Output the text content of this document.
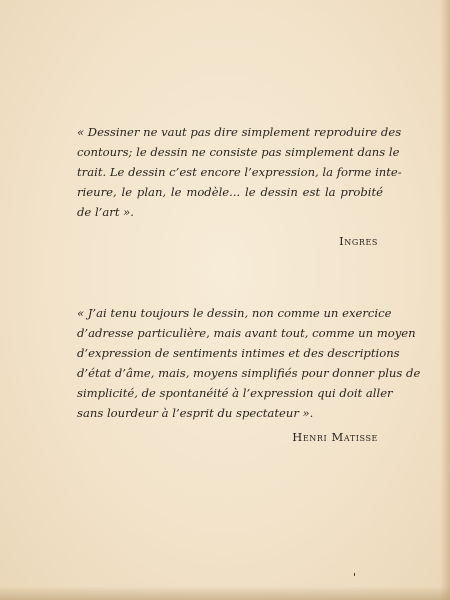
« Dessiner ne vaut pas dire simplement reproduire des
contours; le dessin ne consiste pas simplement dans le
trait. Le dessin c’est encore l’expression, la forme inte-
rieure, le plan, le modèle... le dessin est la probité
de l’art ».

Ingres

« J’ai tenu toujours le dessin, non comme un exercice
d’adresse particulière, mais avant tout, comme un moyen
d’expression de sentiments intimes et des descriptions
d’état d’âme, mais, moyens simplifiés pour donner plus de
simplicité, de spontanéité à l’expression qui doit aller
sans lourdeur à l’esprit du spectateur ».

Henri Matisse
